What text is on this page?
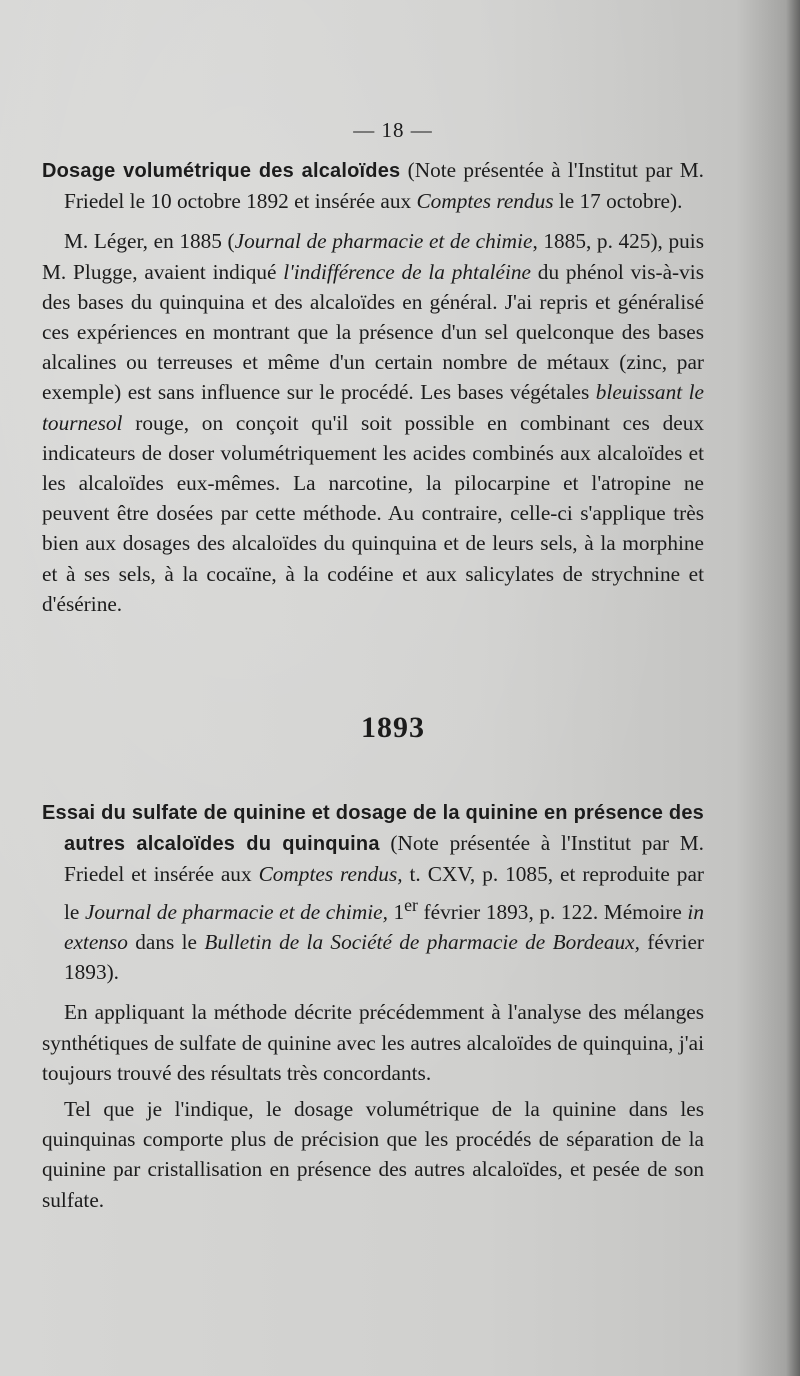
— 18 —

Dosage volumétrique des alcaloïdes (Note présentée à l'Institut par M. Friedel le 10 octobre 1892 et insérée aux Comptes rendus le 17 octobre).

M. Léger, en 1885 (Journal de pharmacie et de chimie, 1885, p. 425), puis M. Plugge, avaient indiqué l'indifférence de la phtaléine du phénol vis-à-vis des bases du quinquina et des alcaloïdes en général. J'ai repris et généralisé ces expériences en montrant que la présence d'un sel quelconque des bases alcalines ou terreuses et même d'un certain nombre de métaux (zinc, par exemple) est sans influence sur le procédé. Les bases végétales bleuissant le tournesol rouge, on conçoit qu'il soit possible en combinant ces deux indicateurs de doser volumétriquement les acides combinés aux alcaloïdes et les alcaloïdes eux-mêmes. La narcotine, la pilocarpine et l'atropine ne peuvent être dosées par cette méthode. Au contraire, celle-ci s'applique très bien aux dosages des alcaloïdes du quinquina et de leurs sels, à la morphine et à ses sels, à la cocaïne, à la codéine et aux salicylates de strychnine et d'ésérine.

1893

Essai du sulfate de quinine et dosage de la quinine en présence des autres alcaloïdes du quinquina (Note présentée à l'Institut par M. Friedel et insérée aux Comptes rendus, t. CXV, p. 1085, et reproduite par le Journal de pharmacie et de chimie, 1er février 1893, p. 122. Mémoire in extenso dans le Bulletin de la Société de pharmacie de Bordeaux, février 1893).

En appliquant la méthode décrite précédemment à l'analyse des mélanges synthétiques de sulfate de quinine avec les autres alcaloïdes de quinquina, j'ai toujours trouvé des résultats très concordants.

Tel que je l'indique, le dosage volumétrique de la quinine dans les quinquinas comporte plus de précision que les procédés de séparation de la quinine par cristallisation en présence des autres alcaloïdes, et pesée de son sulfate.
